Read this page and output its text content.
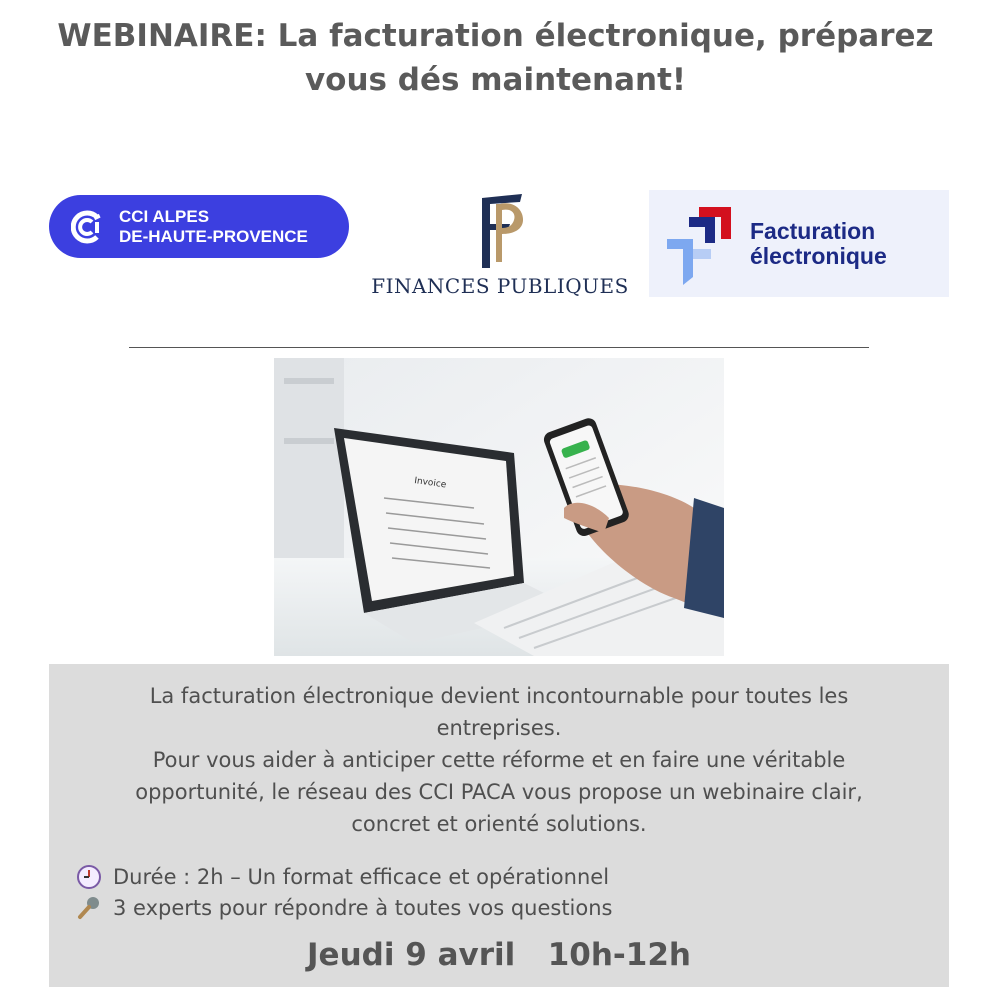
WEBINAIRE: La facturation électronique, préparez
vous dés maintenant!
CCI ALPES
DE-HAUTE-PROVENCE
FINANCES PUBLIQUES
Facturation
électronique
Invoice
La facturation électronique devient incontournable pour toutes les
entreprises.
Pour vous aider à anticiper cette réforme et en faire une véritable
opportunité, le réseau des CCI PACA vous propose un webinaire clair,
concret et orienté solutions.
Durée : 2h – Un format efficace et opérationnel
3 experts pour répondre à toutes vos questions
Jeudi 9 avril 10h-12h
